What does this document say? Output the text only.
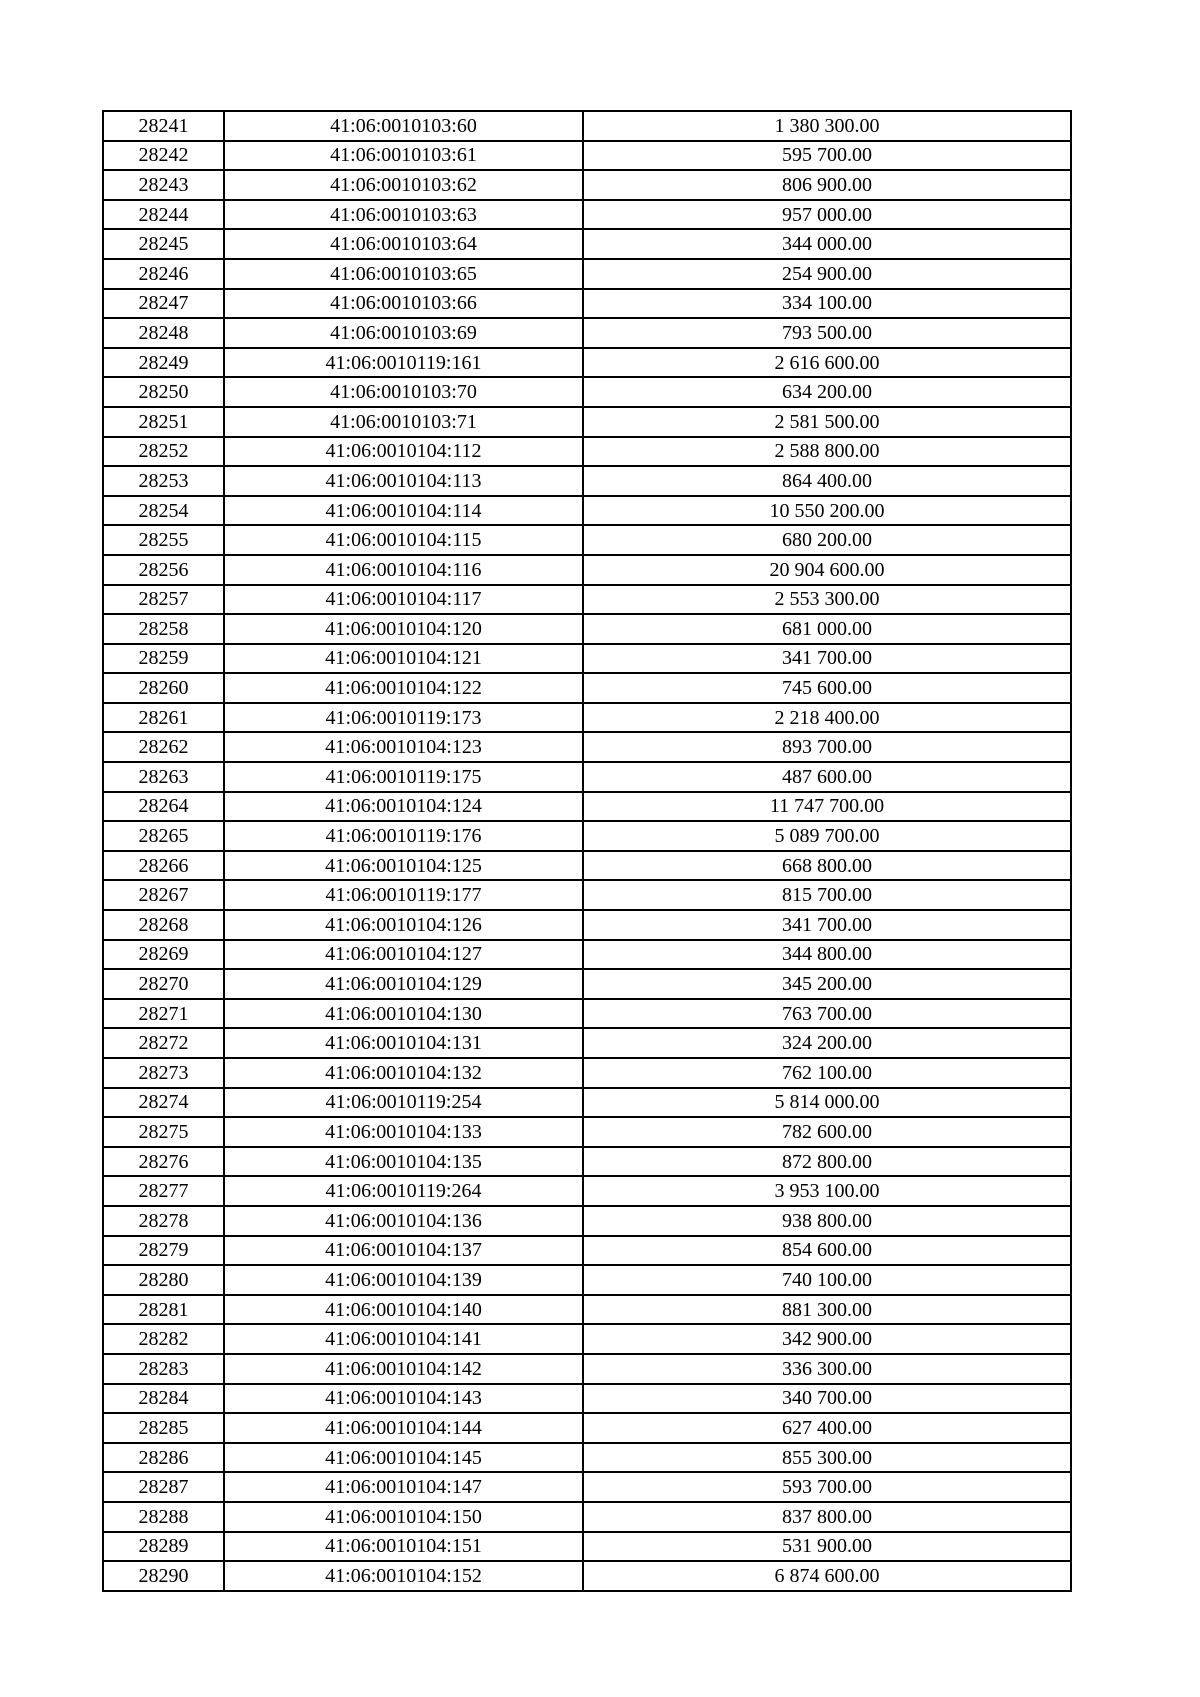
28241	41:06:0010103:60	1 380 300.00
28242	41:06:0010103:61	595 700.00
28243	41:06:0010103:62	806 900.00
28244	41:06:0010103:63	957 000.00
28245	41:06:0010103:64	344 000.00
28246	41:06:0010103:65	254 900.00
28247	41:06:0010103:66	334 100.00
28248	41:06:0010103:69	793 500.00
28249	41:06:0010119:161	2 616 600.00
28250	41:06:0010103:70	634 200.00
28251	41:06:0010103:71	2 581 500.00
28252	41:06:0010104:112	2 588 800.00
28253	41:06:0010104:113	864 400.00
28254	41:06:0010104:114	10 550 200.00
28255	41:06:0010104:115	680 200.00
28256	41:06:0010104:116	20 904 600.00
28257	41:06:0010104:117	2 553 300.00
28258	41:06:0010104:120	681 000.00
28259	41:06:0010104:121	341 700.00
28260	41:06:0010104:122	745 600.00
28261	41:06:0010119:173	2 218 400.00
28262	41:06:0010104:123	893 700.00
28263	41:06:0010119:175	487 600.00
28264	41:06:0010104:124	11 747 700.00
28265	41:06:0010119:176	5 089 700.00
28266	41:06:0010104:125	668 800.00
28267	41:06:0010119:177	815 700.00
28268	41:06:0010104:126	341 700.00
28269	41:06:0010104:127	344 800.00
28270	41:06:0010104:129	345 200.00
28271	41:06:0010104:130	763 700.00
28272	41:06:0010104:131	324 200.00
28273	41:06:0010104:132	762 100.00
28274	41:06:0010119:254	5 814 000.00
28275	41:06:0010104:133	782 600.00
28276	41:06:0010104:135	872 800.00
28277	41:06:0010119:264	3 953 100.00
28278	41:06:0010104:136	938 800.00
28279	41:06:0010104:137	854 600.00
28280	41:06:0010104:139	740 100.00
28281	41:06:0010104:140	881 300.00
28282	41:06:0010104:141	342 900.00
28283	41:06:0010104:142	336 300.00
28284	41:06:0010104:143	340 700.00
28285	41:06:0010104:144	627 400.00
28286	41:06:0010104:145	855 300.00
28287	41:06:0010104:147	593 700.00
28288	41:06:0010104:150	837 800.00
28289	41:06:0010104:151	531 900.00
28290	41:06:0010104:152	6 874 600.00
